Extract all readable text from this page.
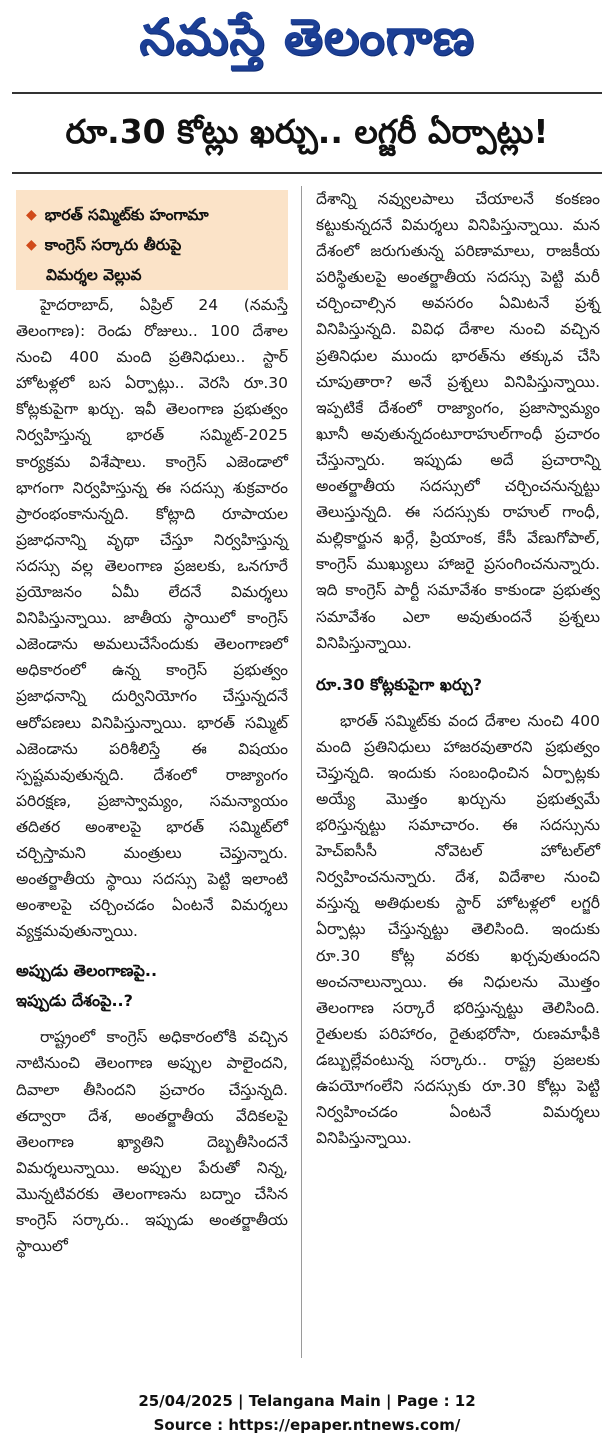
నమస్తే తెలంగాణ
రూ.30 కోట్లు ఖర్చు.. లగ్జరీ ఏర్పాట్లు!
◆ భారత్ సమ్మిట్‌కు హంగామా
◆ కాంగ్రెస్ సర్కారు తీరుపై
విమర్శల వెల్లువ

హైదరాబాద్, ఏప్రిల్ 24 (నమస్తే తెలంగాణ): రెండు రోజులు.. 100 దేశాల నుంచి 400 మంది ప్రతినిధులు.. స్టార్ హోటళ్లలో బస ఏర్పాట్లు.. వెరసి రూ.30 కోట్లకుపైగా ఖర్చు. ఇవీ తెలంగాణ ప్రభుత్వం నిర్వహిస్తున్న భారత్ సమ్మిట్-2025 కార్యక్రమ విశేషాలు. కాంగ్రెస్ ఎజెండాలో భాగంగా నిర్వహిస్తున్న ఈ సదస్సు శుక్రవారం ప్రారంభంకానున్నది. కోట్లాది రూపాయల ప్రజాధనాన్ని వృథా చేస్తూ నిర్వహిస్తున్న సదస్సు వల్ల తెలంగాణ ప్రజలకు, ఒనగూరే ప్రయోజనం ఏమీ లేదనే విమర్శలు వినిపిస్తున్నాయి. జాతీయ స్థాయిలో కాంగ్రెస్ ఎజెండాను అమలుచేసేందుకు తెలంగాణలో అధికారంలో ఉన్న కాంగ్రెస్ ప్రభుత్వం ప్రజాధనాన్ని దుర్వినియోగం చేస్తున్నదనే ఆరోపణలు వినిపిస్తున్నాయి. భారత్ సమ్మిట్ ఎజెండాను పరిశీలిస్తే ఈ విషయం స్పష్టమవుతున్నది. దేశంలో రాజ్యాంగం పరిరక్షణ, ప్రజాస్వామ్యం, సమన్యాయం తదితర అంశాలపై భారత్ సమ్మిట్‌లో చర్చిస్తామని మంత్రులు చెప్తున్నారు. అంతర్జాతీయ స్థాయి సదస్సు పెట్టి ఇలాంటి అంశాలపై చర్చించడం ఏంటనే విమర్శలు వ్యక్తమవుతున్నాయి.

అప్పుడు తెలంగాణపై..
ఇప్పుడు దేశంపై..?

రాష్ట్రంలో కాంగ్రెస్ అధికారంలోకి వచ్చిన నాటినుంచి తెలంగాణ అప్పుల పాలైందని, దివాలా తీసిందని ప్రచారం చేస్తున్నది. తద్వారా దేశ, అంతర్జాతీయ వేదికలపై తెలంగాణ ఖ్యాతిని దెబ్బతీసిందనే విమర్శలున్నాయి. అప్పుల పేరుతో నిన్న, మొన్నటివరకు తెలంగాణను బద్నాం చేసిన కాంగ్రెస్ సర్కారు.. ఇప్పుడు అంతర్జాతీయ స్థాయిలో

దేశాన్ని నవ్వులపాలు చేయాలనే కంకణం కట్టుకున్నదనే విమర్శలు వినిపిస్తున్నాయి. మన దేశంలో జరుగుతున్న పరిణామాలు, రాజకీయ పరిస్థితులపై అంతర్జాతీయ సదస్సు పెట్టి మరీ చర్చించాల్సిన అవసరం ఏమిటనే ప్రశ్న వినిపిస్తున్నది. వివిధ దేశాల నుంచి వచ్చిన ప్రతినిధుల ముందు భారత్‌ను తక్కువ చేసి చూపుతారా? అనే ప్రశ్నలు వినిపిస్తున్నాయి. ఇప్పటికే దేశంలో రాజ్యాంగం, ప్రజాస్వామ్యం ఖూనీ అవుతున్నదంటూరాహుల్‌గాంధీ ప్రచారం చేస్తున్నారు. ఇప్పుడు అదే ప్రచారాన్ని అంతర్జాతీయ సదస్సులో చర్చించనున్నట్టు తెలుస్తున్నది. ఈ సదస్సుకు రాహుల్ గాంధీ, మల్లికార్జున ఖర్గే, ప్రియాంక, కేసీ వేణుగోపాల్, కాంగ్రెస్ ముఖ్యులు హాజరై ప్రసంగించనున్నారు. ఇది కాంగ్రెస్ పార్టీ సమావేశం కాకుండా ప్రభుత్వ సమావేశం ఎలా అవుతుందనే ప్రశ్నలు వినిపిస్తున్నాయి.

రూ.30 కోట్లకుపైగా ఖర్చు?

భారత్ సమ్మిట్‌కు వంద దేశాల నుంచి 400 మంది ప్రతినిధులు హాజరవుతారని ప్రభుత్వం చెప్తున్నది. ఇందుకు సంబంధించిన ఏర్పాట్లకు అయ్యే మొత్తం ఖర్చును ప్రభుత్వమే భరిస్తున్నట్టు సమాచారం. ఈ సదస్సును హెచ్ఐసీసీ నోవెటల్ హోటల్‌లో నిర్వహించనున్నారు. దేశ, విదేశాల నుంచి వస్తున్న అతిథులకు స్టార్ హోటళ్లలో లగ్జరీ ఏర్పాట్లు చేస్తున్నట్టు తెలిసింది. ఇందుకు రూ.30 కోట్ల వరకు ఖర్చవుతుందని అంచనాలున్నాయి. ఈ నిధులను మొత్తం తెలంగాణ సర్కారే భరిస్తున్నట్టు తెలిసింది. రైతులకు పరిహారం, రైతుభరోసా, రుణమాఫీకి డబ్బుల్లేవంటున్న సర్కారు.. రాష్ట్ర ప్రజలకు ఉపయోగంలేని సదస్సుకు రూ.30 కోట్లు పెట్టి నిర్వహించడం ఏంటనే విమర్శలు వినిపిస్తున్నాయి.

25/04/2025 | Telangana Main | Page : 12
Source : https://epaper.ntnews.com/
